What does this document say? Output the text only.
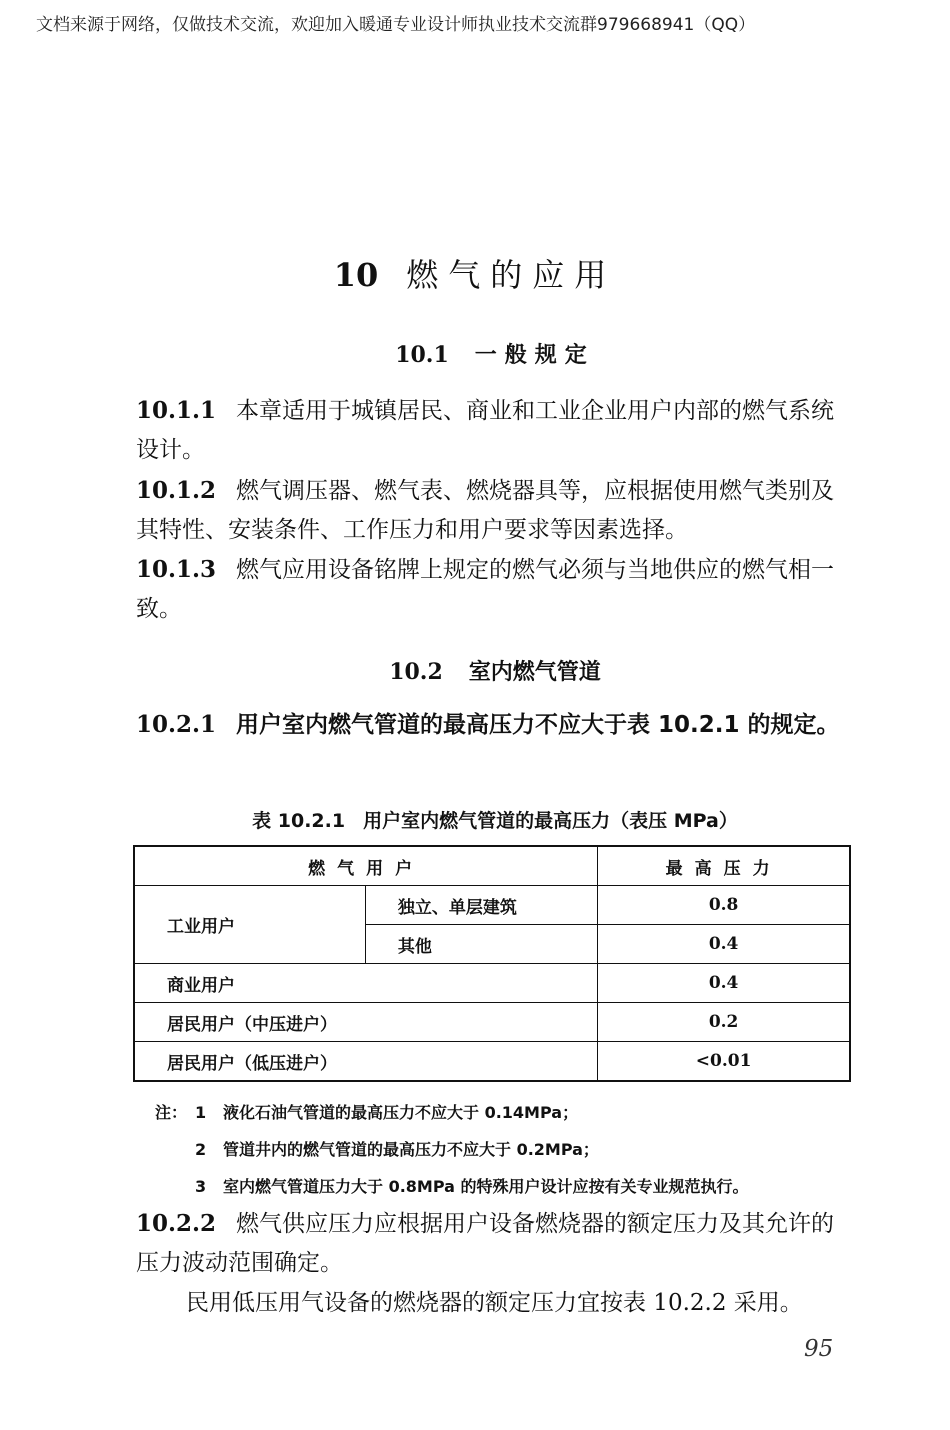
文档来源于网络，仅做技术交流，欢迎加入暖通专业设计师执业技术交流群979668941（QQ）
10 燃气的应用
10.1 一般规定
10.1.1 本章适用于城镇居民、商业和工业企业用户内部的燃气系统设计。
10.1.2 燃气调压器、燃气表、燃烧器具等，应根据使用燃气类别及其特性、安装条件、工作压力和用户要求等因素选择。
10.1.3 燃气应用设备铭牌上规定的燃气必须与当地供应的燃气相一致。
10.2 室内燃气管道
10.2.1 用户室内燃气管道的最高压力不应大于表 10.2.1 的规定。
表 10.2.1 用户室内燃气管道的最高压力（表压 MPa）
燃气用户		最高压力
工业用户	独立、单层建筑	0.8
	其他	0.4
商业用户		0.4
居民用户（中压进户）		0.2
居民用户（低压进户）		<0.01
注： 1 液化石油气管道的最高压力不应大于 0.14MPa；
2 管道井内的燃气管道的最高压力不应大于 0.2MPa；
3 室内燃气管道压力大于 0.8MPa 的特殊用户设计应按有关专业规范执行。
10.2.2 燃气供应压力应根据用户设备燃烧器的额定压力及其允许的压力波动范围确定。
民用低压用气设备的燃烧器的额定压力宜按表 10.2.2 采用。
95
